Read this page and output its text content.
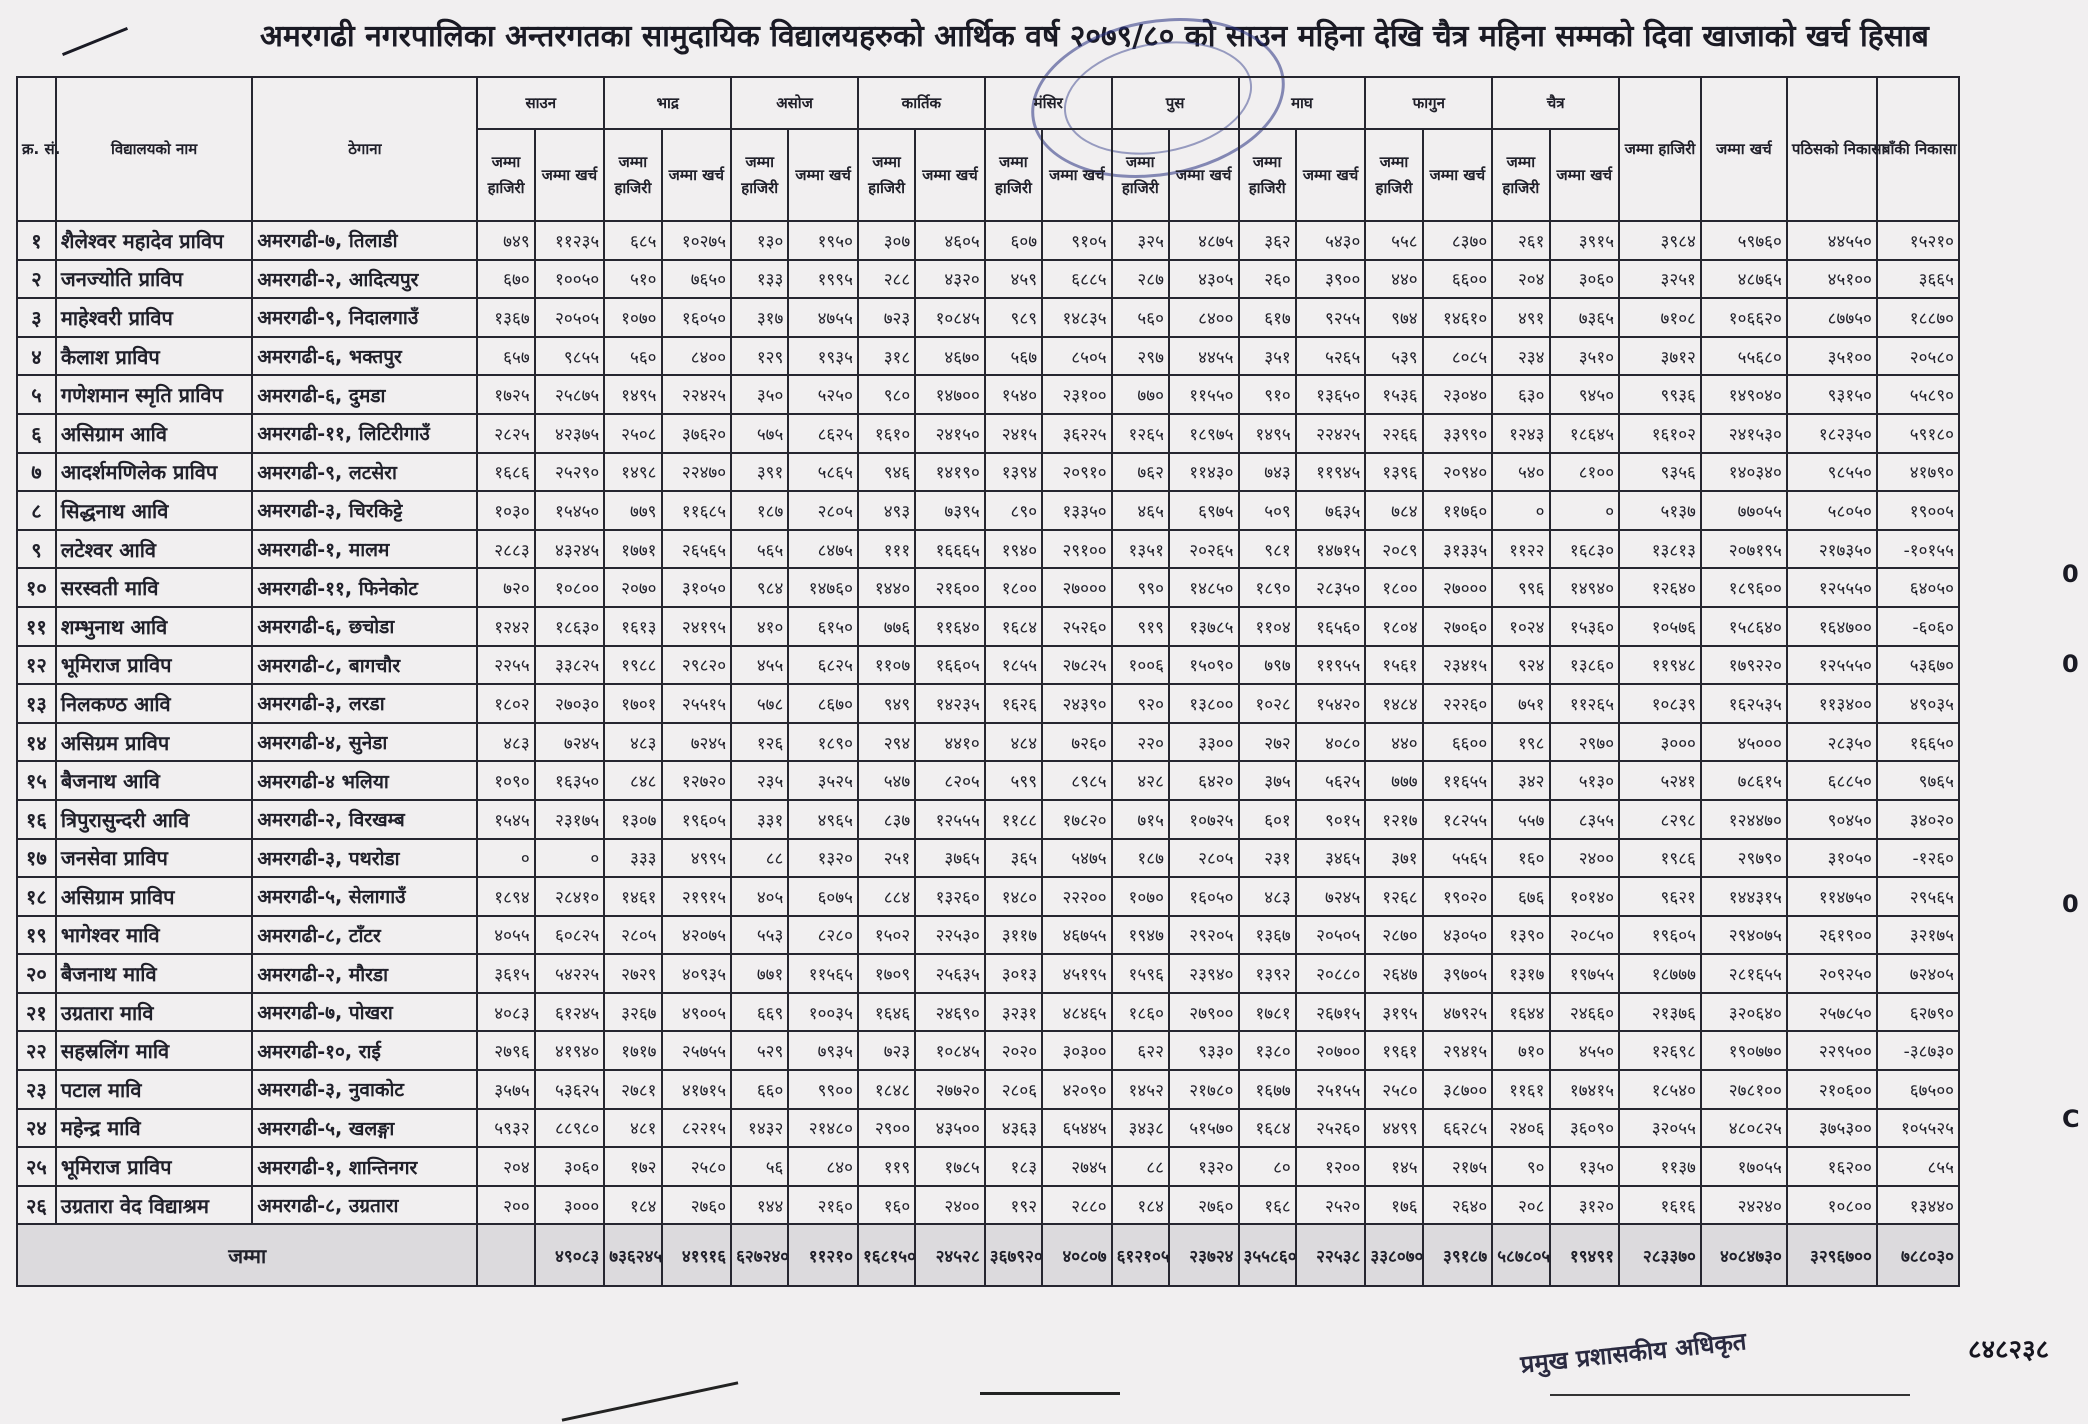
अमरगढी नगरपालिका अन्तरगतका सामुदायिक विद्यालयहरुको आर्थिक वर्ष २०७९/८० को साउन महिना देखि चैत्र महिना सम्मको दिवा खाजाको खर्च हिसाब
क्र. सं.	विद्यालयको नाम	ठेगाना	साउन		भाद्र		असोज		कार्तिक		मंसिर		पुस		माघ		फागुन		चैत्र		जम्मा हाजिरी	जम्मा खर्च	पठिसको निकासा	बाँकी निकासा
			जम्मा हाजिरी	जम्मा खर्च	जम्मा हाजिरी	जम्मा खर्च	जम्मा हाजिरी	जम्मा खर्च	जम्मा हाजिरी	जम्मा खर्च	जम्मा हाजिरी	जम्मा खर्च	जम्मा हाजिरी	जम्मा खर्च	जम्मा हाजिरी	जम्मा खर्च	जम्मा हाजिरी	जम्मा खर्च	जम्मा हाजिरी	जम्मा खर्च				
१	शैलेश्वर महादेव प्राविप	अमरगढी-७, तिलाडी	७४९	११२३५	६८५	१०२७५	१३०	१९५०	३०७	४६०५	६०७	९१०५	३२५	४८७५	३६२	५४३०	५५८	८३७०	२६१	३९१५	३९८४	५९७६०	४४५५०	१५२१०
२	जनज्योति प्राविप	अमरगढी-२, आदित्यपुर	६७०	१००५०	५१०	७६५०	१३३	१९९५	२८८	४३२०	४५९	६८८५	२८७	४३०५	२६०	३९००	४४०	६६००	२०४	३०६०	३२५१	४८७६५	४५१००	३६६५
३	माहेश्वरी प्राविप	अमरगढी-९, निदालगाउँ	१३६७	२०५०५	१०७०	१६०५०	३१७	४७५५	७२३	१०८४५	९८९	१४८३५	५६०	८४००	६१७	९२५५	९७४	१४६१०	४९१	७३६५	७१०८	१०६६२०	८७७५०	१८८७०
४	कैलाश प्राविप	अमरगढी-६, भक्तपुर	६५७	९८५५	५६०	८४००	१२९	१९३५	३१८	४६७०	५६७	८५०५	२९७	४४५५	३५१	५२६५	५३९	८०८५	२३४	३५१०	३७१२	५५६८०	३५१००	२०५८०
५	गणेशमान स्मृति प्राविप	अमरगढी-६, दुमडा	१७२५	२५८७५	१४९५	२२४२५	३५०	५२५०	९८०	१४७००	१५४०	२३१००	७७०	११५५०	९१०	१३६५०	१५३६	२३०४०	६३०	९४५०	९९३६	१४९०४०	९३१५०	५५८९०
६	असिग्राम आवि	अमरगढी-११, लिटिरीगाउँ	२८२५	४२३७५	२५०८	३७६२०	५७५	८६२५	१६१०	२४१५०	२४१५	३६२२५	१२६५	१८९७५	१४९५	२२४२५	२२६६	३३९९०	१२४३	१८६४५	१६१०२	२४१५३०	१८२३५०	५९१८०
७	आदर्शमणिलेक प्राविप	अमरगढी-९, लटसेरा	१६८६	२५२९०	१४९८	२२४७०	३९१	५८६५	९४६	१४१९०	१३९४	२०९१०	७६२	११४३०	७४३	११९४५	१३९६	२०९४०	५४०	८१००	९३५६	१४०३४०	९८५५०	४१७९०
८	सिद्धनाथ आवि	अमरगढी-३, चिरकिट्टे	१०३०	१५४५०	७७९	११६८५	१८७	२८०५	४९३	७३९५	८९०	१३३५०	४६५	६९७५	५०९	७६३५	७८४	११७६०	०	०	५१३७	७७०५५	५८०५०	१९००५
९	लटेश्वर आवि	अमरगढी-१, मालम	२८८३	४३२४५	१७७१	२६५६५	५६५	८४७५	१११	१६६६५	१९४०	२९१००	१३५१	२०२६५	९८१	१४७१५	२०८९	३१३३५	११२२	१६८३०	१३८१३	२०७१९५	२१७३५०	-१०१५५
१०	सरस्वती मावि	अमरगढी-११, फिनेकोट	७२०	१०८००	२०७०	३१०५०	९८४	१४७६०	१४४०	२१६००	१८००	२७०००	९९०	१४८५०	१८९०	२८३५०	१८००	२७०००	९९६	१४९४०	१२६४०	१८९६००	१२५५५०	६४०५०
११	शम्भुनाथ आवि	अमरगढी-६, छचोडा	१२४२	१८६३०	१६१३	२४१९५	४१०	६१५०	७७६	११६४०	१६८४	२५२६०	९१९	१३७८५	११०४	१६५६०	१८०४	२७०६०	१०२४	१५३६०	१०५७६	१५८६४०	१६४७००	-६०६०
१२	भूमिराज प्राविप	अमरगढी-८, बागचौर	२२५५	३३८२५	१९८८	२९८२०	४५५	६८२५	११०७	१६६०५	१८५५	२७८२५	१००६	१५०९०	७९७	११९५५	१५६१	२३४१५	९२४	१३८६०	११९४८	१७९२२०	१२५५५०	५३६७०
१३	निलकण्ठ आवि	अमरगढी-३, लरडा	१८०२	२७०३०	१७०१	२५५१५	५७८	८६७०	९४९	१४२३५	१६२६	२४३९०	९२०	१३८००	१०२८	१५४२०	१४८४	२२२६०	७५१	११२६५	१०८३९	१६२५३५	११३४००	४९०३५
१४	असिग्रम प्राविप	अमरगढी-४, सुनेडा	४८३	७२४५	४८३	७२४५	१२६	१८९०	२९४	४४१०	४८४	७२६०	२२०	३३००	२७२	४०८०	४४०	६६००	१९८	२९७०	३०००	४५०००	२८३५०	१६६५०
१५	बैजनाथ आवि	अमरगढी-४ भलिया	१०९०	१६३५०	८४८	१२७२०	२३५	३५२५	५४७	८२०५	५९९	८९८५	४२८	६४२०	३७५	५६२५	७७७	११६५५	३४२	५१३०	५२४१	७८६१५	६८८५०	९७६५
१६	त्रिपुरासुन्दरी आवि	अमरगढी-२, विरखम्ब	१५४५	२३१७५	१३०७	१९६०५	३३१	४९६५	८३७	१२५५५	११८८	१७८२०	७१५	१०७२५	६०१	९०१५	१२१७	१८२५५	५५७	८३५५	८२९८	१२४४७०	९०४५०	३४०२०
१७	जनसेवा प्राविप	अमरगढी-३, पथरोडा	०	०	३३३	४९९५	८८	१३२०	२५१	३७६५	३६५	५४७५	१८७	२८०५	२३१	३४६५	३७१	५५६५	१६०	२४००	१९८६	२९७९०	३१०५०	-१२६०
१८	असिग्राम प्राविप	अमरगढी-५, सेलागाउँ	१८९४	२८४१०	१४६१	२१९१५	४०५	६०७५	८८४	१३२६०	१४८०	२२२००	१०७०	१६०५०	४८३	७२४५	१२६८	१९०२०	६७६	१०१४०	९६२१	१४४३१५	११४७५०	२९५६५
१९	भागेश्वर मावि	अमरगढी-८, टाँटर	४०५५	६०८२५	२८०५	४२०७५	५५३	८२८०	१५०२	२२५३०	३११७	४६७५५	१९४७	२९२०५	१३६७	२०५०५	२८७०	४३०५०	१३९०	२०८५०	१९६०५	२९४०७५	२६१९००	३२१७५
२०	बैजनाथ मावि	अमरगढी-२, मौरडा	३६१५	५४२२५	२७२९	४०९३५	७७१	११५६५	१७०९	२५६३५	३०१३	४५१९५	१५९६	२३९४०	१३९२	२०८८०	२६४७	३९७०५	१३१७	१९७५५	१८७७७	२८१६५५	२०९२५०	७२४०५
२१	उग्रतारा मावि	अमरगढी-७, पोखरा	४०८३	६१२४५	३२६७	४९००५	६६९	१००३५	१६४६	२४६९०	३२३१	४८४६५	१८६०	२७९००	१७८१	२६७१५	३१९५	४७९२५	१६४४	२४६६०	२१३७६	३२०६४०	२५७८५०	६२७९०
२२	सहस्रलिंग मावि	अमरगढी-१०, राई	२७९६	४१९४०	१७१७	२५७५५	५२९	७९३५	७२३	१०८४५	२०२०	३०३००	६२२	९३३०	१३८०	२०७००	१९६१	२९४१५	७१०	४५५०	१२६९८	१९०७७०	२२९५००	-३८७३०
२३	पटाल मावि	अमरगढी-३, नुवाकोट	३५७५	५३६२५	२७८१	४१७१५	६६०	९९००	१८४८	२७७२०	२८०६	४२०९०	१४५२	२१७८०	१६७७	२५१५५	२५८०	३८७००	११६१	१७४१५	१८५४०	२७८१००	२१०६००	६७५००
२४	महेन्द्र मावि	अमरगढी-५, खलङ्गा	५९३२	८८९८०	४८१	८२२१५	१४३२	२१४८०	२९००	४३५००	४३६३	६५४४५	३४३८	५१५७०	१६८४	२५२६०	४४९९	६६२८५	२४०६	३६०९०	३२०५५	४८०८२५	३७५३००	१०५५२५
२५	भूमिराज प्राविप	अमरगढी-१, शान्तिनगर	२०४	३०६०	१७२	२५८०	५६	८४०	११९	१७८५	१८३	२७४५	८८	१३२०	८०	१२००	१४५	२१७५	९०	१३५०	११३७	१७०५५	१६२००	८५५
२६	उग्रतारा वेद विद्याश्रम	अमरगढी-८, उग्रतारा	२००	३०००	१८४	२७६०	१४४	२१६०	१६०	२४००	१९२	२८८०	१८४	२७६०	१६८	२५२०	१७६	२६४०	२०८	३१२०	१६१६	२४२४०	१०८००	१३४४०
जम्मा				४९०८३	७३६२४५	४१९१६	६२७२४०	११२१०	१६८१५०	२४५२८	३६७९२०	४०८०७	६१२१०५	२३७२४	३५५८६०	२२५३८	३३८०७०	३९१८७	५८७८०५	१९४९१	२८३३७०	४०८४७३०	३२९६७००	७८८०३०
0
0
0
C
प्रमुख प्रशासकीय अधिकृत	८४८२३८
